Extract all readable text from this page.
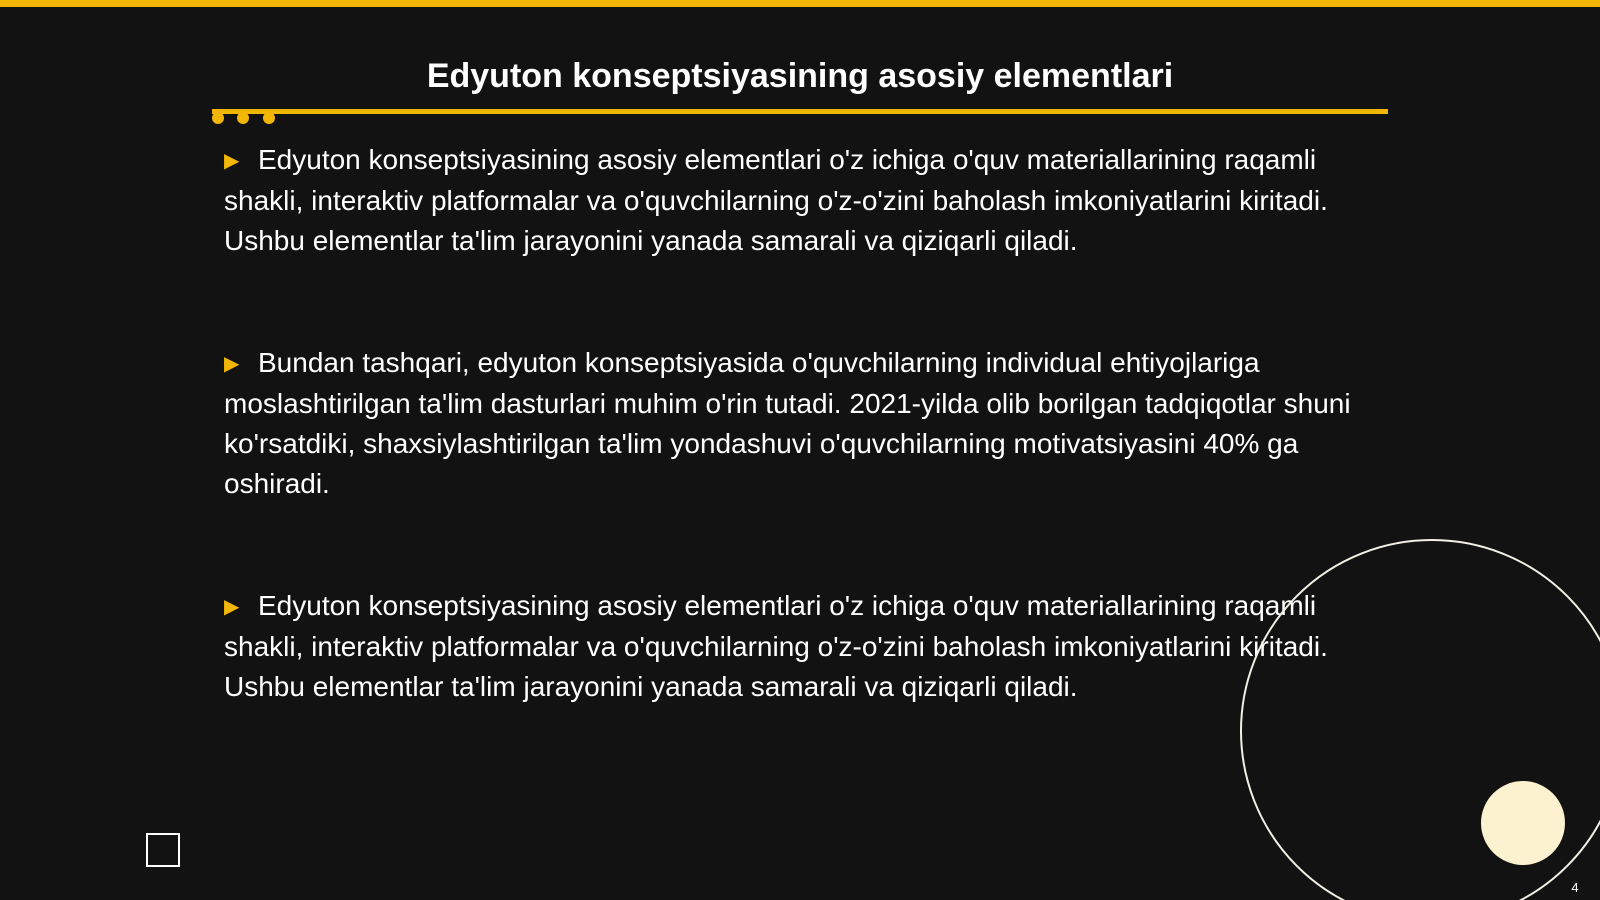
Edyuton konseptsiyasining asosiy elementlari

▶ Edyuton konseptsiyasining asosiy elementlari o'z ichiga o'quv materiallarining raqamli shakli, interaktiv platformalar va o'quvchilarning o'z-o'zini baholash imkoniyatlarini kiritadi. Ushbu elementlar ta'lim jarayonini yanada samarali va qiziqarli qiladi.

▶ Bundan tashqari, edyuton konseptsiyasida o'quvchilarning individual ehtiyojlariga moslashtirilgan ta'lim dasturlari muhim o'rin tutadi. 2021-yilda olib borilgan tadqiqotlar shuni ko'rsatdiki, shaxsiylashtirilgan ta'lim yondashuvi o'quvchilarning motivatsiyasini 40% ga oshiradi.

▶ Edyuton konseptsiyasining asosiy elementlari o'z ichiga o'quv materiallarining raqamli shakli, interaktiv platformalar va o'quvchilarning o'z-o'zini baholash imkoniyatlarini kiritadi. Ushbu elementlar ta'lim jarayonini yanada samarali va qiziqarli qiladi.

4
